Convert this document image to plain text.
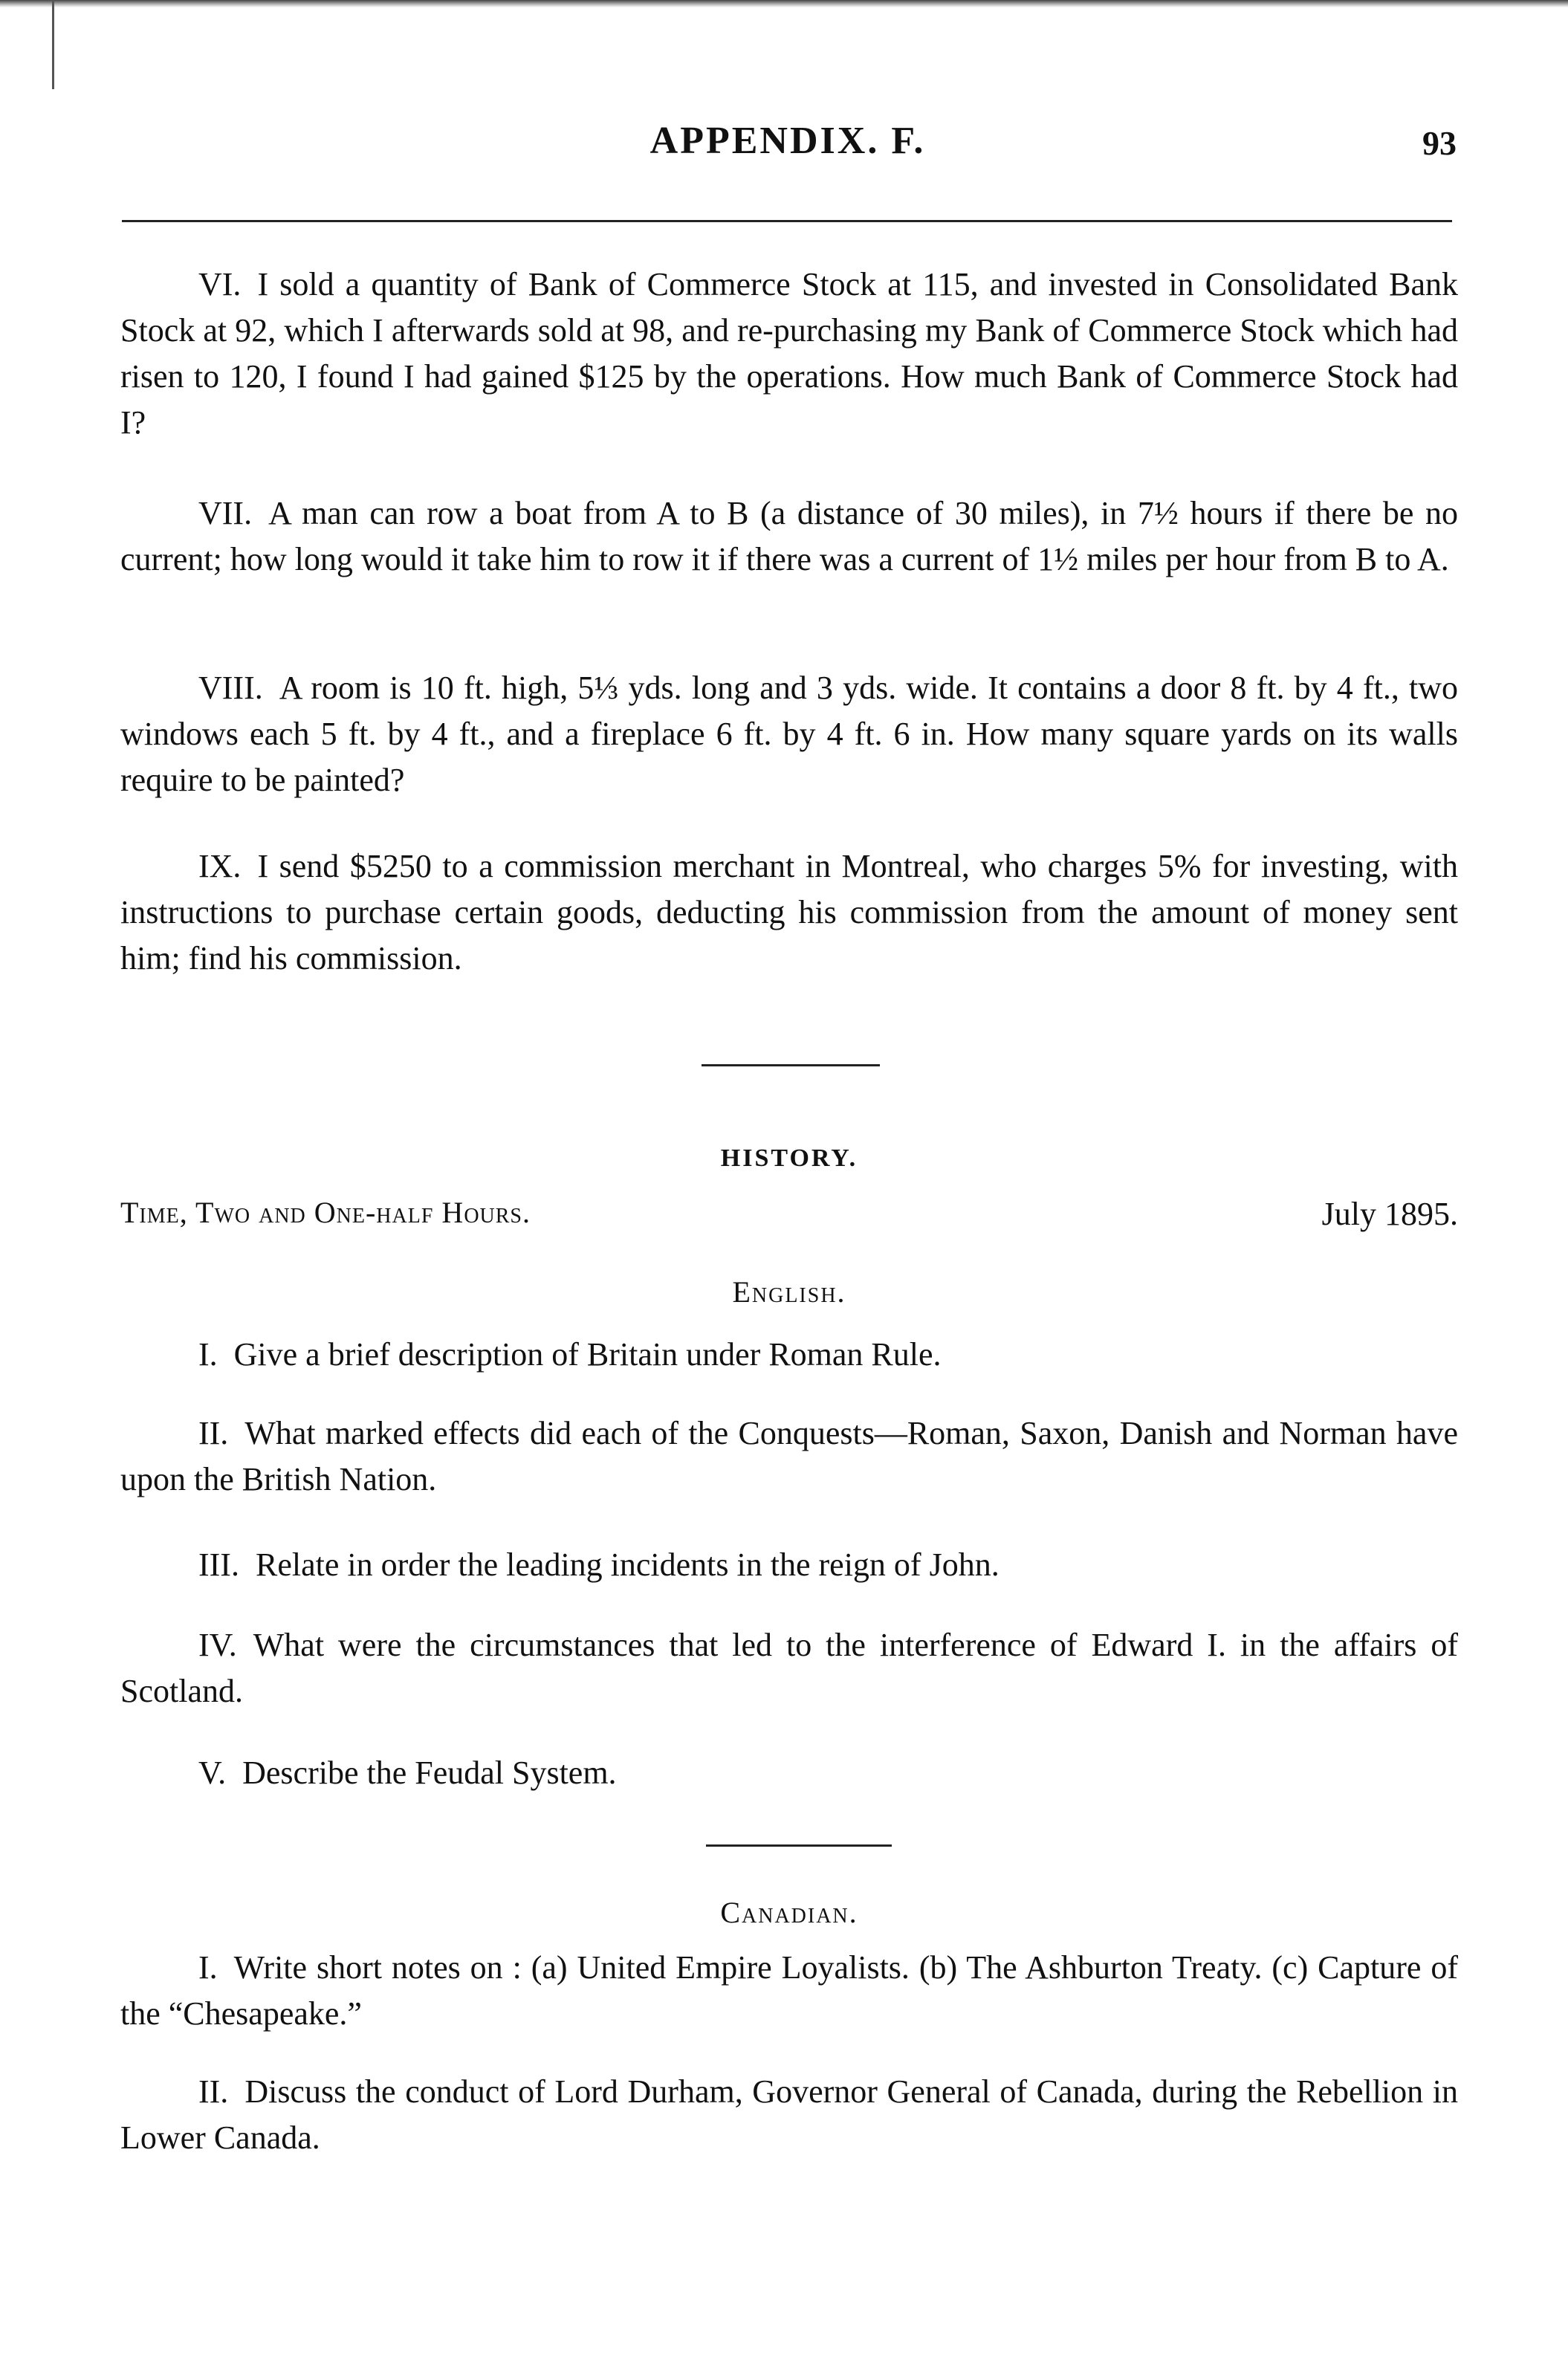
APPENDIX. F.	93

VI. I sold a quantity of Bank of Commerce Stock at 115, and invested in Consolidated Bank Stock at 92, which I afterwards sold at 98, and re-purchasing my Bank of Commerce Stock which had risen to 120, I found I had gained $125 by the operations. How much Bank of Commerce Stock had I?

VII. A man can row a boat from A to B (a distance of 30 miles), in 7½ hours if there be no current; how long would it take him to row it if there was a current of 1½ miles per hour from B to A.

VIII. A room is 10 ft. high, 5⅓ yds. long and 3 yds. wide. It contains a door 8 ft. by 4 ft., two windows each 5 ft. by 4 ft., and a fireplace 6 ft. by 4 ft. 6 in. How many square yards on its walls require to be painted?

IX. I send $5250 to a commission merchant in Montreal, who charges 5% for investing, with instructions to purchase certain goods, deducting his commission from the amount of money sent him; find his commission.

HISTORY.
Time, Two and One-half Hours.	July 1895.
English.

I. Give a brief description of Britain under Roman Rule.

II. What marked effects did each of the Conquests—Roman, Saxon, Danish and Norman have upon the British Nation.

III. Relate in order the leading incidents in the reign of John.

IV. What were the circumstances that led to the interference of Edward I. in the affairs of Scotland.

V. Describe the Feudal System.

Canadian.

I. Write short notes on : (a) United Empire Loyalists. (b) The Ashburton Treaty. (c) Capture of the “Chesapeake.”

II. Discuss the conduct of Lord Durham, Governor General of Canada, during the Rebellion in Lower Canada.
